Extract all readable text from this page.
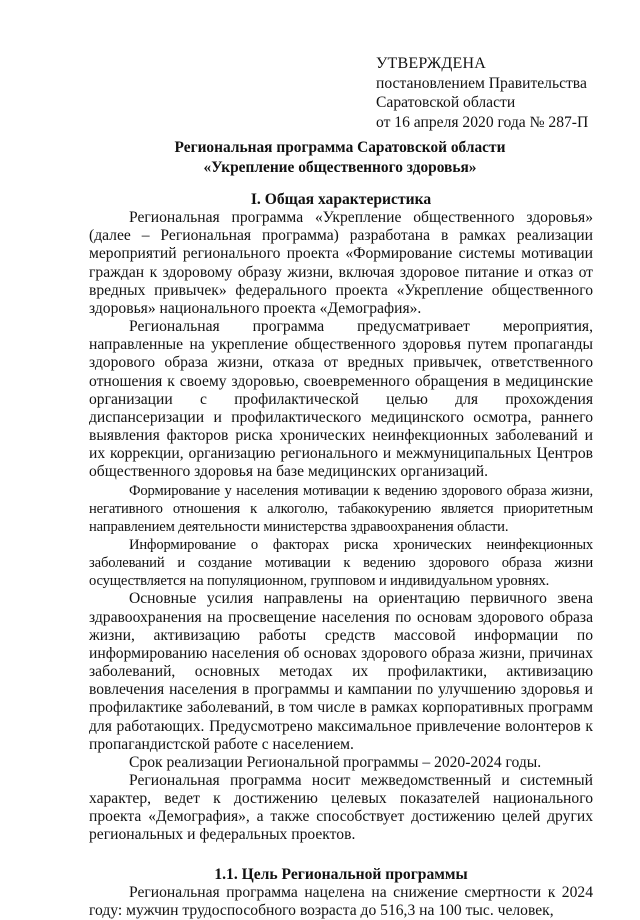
УТВЕРЖДЕНА
постановлением Правительства
Саратовской области
от 16 апреля 2020 года № 287-П
Региональная программа Саратовской области
«Укрепление общественного здоровья»
I. Общая характеристика

Региональная программа «Укрепление общественного здоровья» (далее – Региональная программа) разработана в рамках реализации мероприятий регионального проекта «Формирование системы мотивации граждан к здоровому образу жизни, включая здоровое питание и отказ от вредных привычек» федерального проекта «Укрепление общественного здоровья» национального проекта «Демография».

Региональная программа предусматривает мероприятия, направленные на укрепление общественного здоровья путем пропаганды здорового образа жизни, отказа от вредных привычек, ответственного отношения к своему здоровью, своевременного обращения в медицинские организации с профилактической целью для прохождения диспансеризации и профилактического медицинского осмотра, раннего выявления факторов риска хронических неинфекционных заболеваний и их коррекции, организацию регионального и межмуниципальных Центров общественного здоровья на базе медицинских организаций.

Формирование у населения мотивации к ведению здорового образа жизни, негативного отношения к алкоголю, табакокурению является приоритетным направлением деятельности министерства здравоохранения области.

Информирование о факторах риска хронических неинфекционных заболеваний и создание мотивации к ведению здорового образа жизни осуществляется на популяционном, групповом и индивидуальном уровнях.

Основные усилия направлены на ориентацию первичного звена здравоохранения на просвещение населения по основам здорового образа жизни, активизацию работы средств массовой информации по информированию населения об основах здорового образа жизни, причинах заболеваний, основных методах их профилактики, активизацию вовлечения населения в программы и кампании по улучшению здоровья и профилактике заболеваний, в том числе в рамках корпоративных программ для работающих. Предусмотрено максимальное привлечение волонтеров к пропагандистской работе с населением.

Срок реализации Региональной программы – 2020-2024 годы.

Региональная программа носит межведомственный и системный характер, ведет к достижению целевых показателей национального проекта «Демография», а также способствует достижению целей других региональных и федеральных проектов.

1.1. Цель Региональной программы

Региональная программа нацелена на снижение смертности к 2024 году: мужчин трудоспособного возраста до 516,3 на 100 тыс. человек,
